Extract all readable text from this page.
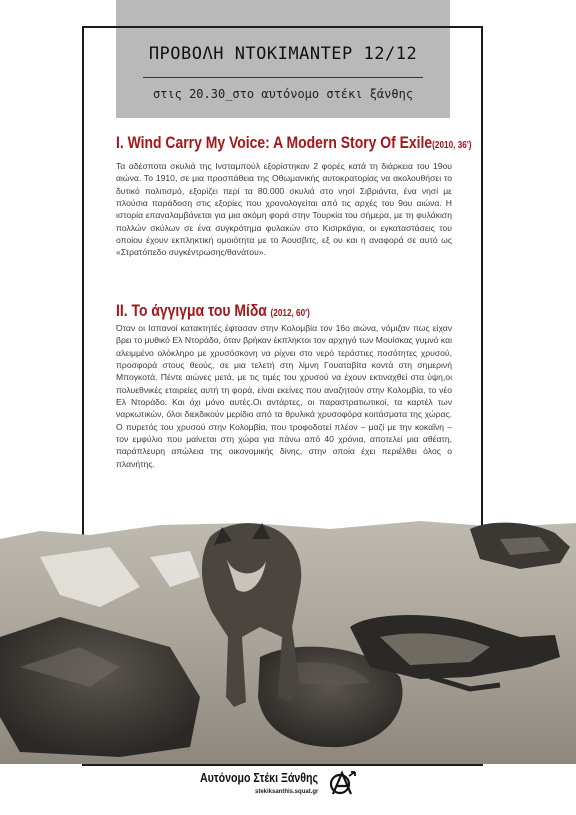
ΠΡΟΒΟΛΗ ΝΤΟΚΙΜΑΝΤΕΡ 12/12
στις 20.30_στο αυτόνομο στέκι ξάνθης
I. Wind Carry My Voice: A Modern Story Of Exile(2010, 36')

Τα αδέσποτα σκυλιά της Ινσταμπούλ εξορίστηκαν 2 φορές κατά τη διάρκεια του 19ου αιώνα. Το 1910, σε μια προσπάθεια της Οθωμανικής αυτοκρατορίας να ακολουθήσει το δυτικό πολιτισμό, εξορίζει περί τα 80.000 σκυλιά στο νησί Σιβριάντα, ένα νησί με πλούσια παράδοση στις εξορίες που χρονολογείται από τις αρχές του 9ου αιώνα. Η ιστορία επαναλαμβάνεται για μια ακόμη φορά στην Τουρκία του σήμερα, με τη φυλάκιση πολλών σκύλων σε ένα συγκρότημα φυλακών στο Κισιρκάγια, οι εγκαταστάσεις του οποίου έχουν εκπληκτική ομοιότητα με το Άουσβιτς, εξ ου και η αναφορά σε αυτό ως «Στρατόπεδο συγκέντρωσης/θανάτου».

II. Το άγγιγμα του Μίδα (2012, 60')

Όταν οι Ισπανοί κατακτητές έφτασαν στην Κολομβία τον 16ο αιώνα, νόμιζαν πως είχαν βρει το μυθικό Ελ Ντοράδο, όταν βρήκαν έκπληκτοι τον αρχηγό των Μουίσκας γυμνό και αλειμμένο ολόκληρο με χρυσόσκονη να ρίχνει στο νερό τεράστιες ποσότητες χρυσού, προσφορά στους θεούς, σε μια τελετή στη λίμνη Γουαταβίτα κοντά στη σημερινή Μπογκοτά. Πέντε αιώνες μετά, με τις τιμές του χρυσού να έχουν εκτιναχθεί στα ύψη,οι πολυεθνικές εταιρείες αυτή τη φορά, είναι εκείνες που αναζητούν στην Κολομβία, το νέο Ελ Ντοράδο. Και όχι μόνο αυτές.Οι αντάρτες, οι παραστρατιωτικοί, τα καρτέλ των ναρκωτικών, όλοι διεκδικούν μερίδιο από τα θρυλικά χρυσοφόρα κοιτάσματα της χώρας. Ο πυρετός του χρυσού στην Κολομβία, που τροφοδοτεί πλέον – μαζί με την κοκαΐνη – τον εμφύλιο που μαίνεται στη χώρα για πάνω από 40 χρόνια, αποτελεί μια αθέατη, παράπλευρη απώλεια της οικονομικής δίνης, στην οποία έχει περιέλθει όλος ο πλανήτης.

Αυτόνομο Στέκι Ξάνθης
stekiksanthis.squat.gr
